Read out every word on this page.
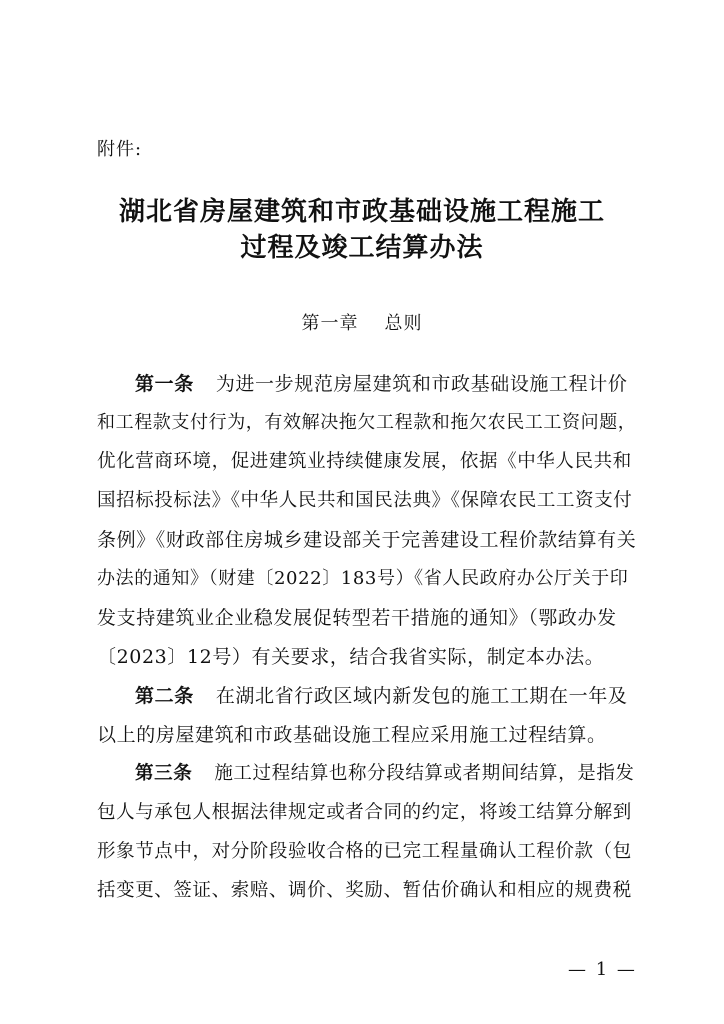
附件:
湖北省房屋建筑和市政基础设施工程施工
过程及竣工结算办法
第一章 总则
第一条 为进一步规范房屋建筑和市政基础设施工程计价
和工程款支付行为，有效解决拖欠工程款和拖欠农民工工资问题，
优化营商环境，促进建筑业持续健康发展，依据《中华人民共和
国招标投标法》《中华人民共和国民法典》《保障农民工工资支付
条例》《财政部住房城乡建设部关于完善建设工程价款结算有关
办法的通知》（财建〔2022〕183号）《省人民政府办公厅关于印
发支持建筑业企业稳发展促转型若干措施的通知》（鄂政办发
〔2023〕12号）有关要求，结合我省实际，制定本办法。
第二条 在湖北省行政区域内新发包的施工工期在一年及
以上的房屋建筑和市政基础设施工程应采用施工过程结算。
第三条 施工过程结算也称分段结算或者期间结算，是指发
包人与承包人根据法律规定或者合同的约定，将竣工结算分解到
形象节点中，对分阶段验收合格的已完工程量确认工程价款（包
括变更、签证、索赔、调价、奖励、暂估价确认和相应的规费税
— 1 —
